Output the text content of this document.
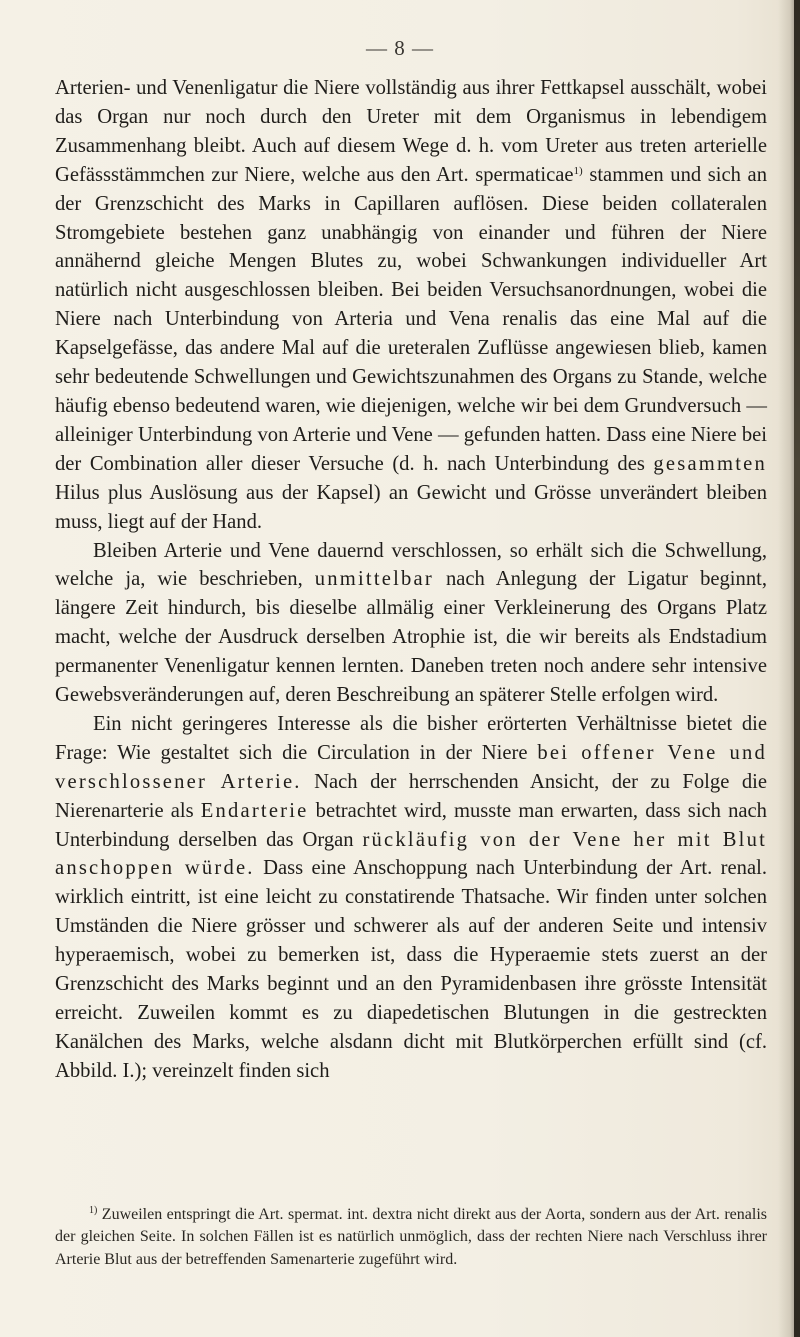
— 8 —

Arterien- und Venenligatur die Niere vollständig aus ihrer Fettkapsel ausschält, wobei das Organ nur noch durch den Ureter mit dem Organismus in lebendigem Zusammenhang bleibt. Auch auf diesem Wege d. h. vom Ureter aus treten arterielle Gefässstämmchen zur Niere, welche aus den Art. spermaticae$^{1)}$ stammen und sich an der Grenzschicht des Marks in Capillaren auflösen. Diese beiden collateralen Stromgebiete bestehen ganz unabhängig von einander und führen der Niere annähernd gleiche Mengen Blutes zu, wobei Schwankungen individueller Art natürlich nicht ausgeschlossen bleiben. Bei beiden Versuchsanordnungen, wobei die Niere nach Unterbindung von Arteria und Vena renalis das eine Mal auf die Kapselgefässe, das andere Mal auf die ureteralen Zuflüsse angewiesen blieb, kamen sehr bedeutende Schwellungen und Gewichtszunahmen des Organs zu Stande, welche häufig ebenso bedeutend waren, wie diejenigen, welche wir bei dem Grundversuch — alleiniger Unterbindung von Arterie und Vene — gefunden hatten. Dass eine Niere bei der Combination aller dieser Versuche (d. h. nach Unterbindung des gesammten Hilus plus Auslösung aus der Kapsel) an Gewicht und Grösse unverändert bleiben muss, liegt auf der Hand.

Bleiben Arterie und Vene dauernd verschlossen, so erhält sich die Schwellung, welche ja, wie beschrieben, unmittelbar nach Anlegung der Ligatur beginnt, längere Zeit hindurch, bis dieselbe allmälig einer Verkleinerung des Organs Platz macht, welche der Ausdruck derselben Atrophie ist, die wir bereits als Endstadium permanenter Venenligatur kennen lernten. Daneben treten noch andere sehr intensive Gewebsveränderungen auf, deren Beschreibung an späterer Stelle erfolgen wird.

Ein nicht geringeres Interesse als die bisher erörterten Verhältnisse bietet die Frage: Wie gestaltet sich die Circulation in der Niere bei offener Vene und verschlossener Arterie. Nach der herrschenden Ansicht, der zu Folge die Nierenarterie als Endarterie betrachtet wird, musste man erwarten, dass sich nach Unterbindung derselben das Organ rückläufig von der Vene her mit Blut anschoppen würde. Dass eine Anschoppung nach Unterbindung der Art. renal. wirklich eintritt, ist eine leicht zu constatirende Thatsache. Wir finden unter solchen Umständen die Niere grösser und schwerer als auf der anderen Seite und intensiv hyperaemisch, wobei zu bemerken ist, dass die Hyperaemie stets zuerst an der Grenzschicht des Marks beginnt und an den Pyramidenbasen ihre grösste Intensität erreicht. Zuweilen kommt es zu diapedetischen Blutungen in die gestreckten Kanälchen des Marks, welche alsdann dicht mit Blutkörperchen erfüllt sind (cf. Abbild. I.); vereinzelt finden sich

$^{1)}$ Zuweilen entspringt die Art. spermat. int. dextra nicht direkt aus der Aorta, sondern aus der Art. renalis der gleichen Seite. In solchen Fällen ist es natürlich unmöglich, dass der rechten Niere nach Verschluss ihrer Arterie Blut aus der betreffenden Samenarterie zugeführt wird.
